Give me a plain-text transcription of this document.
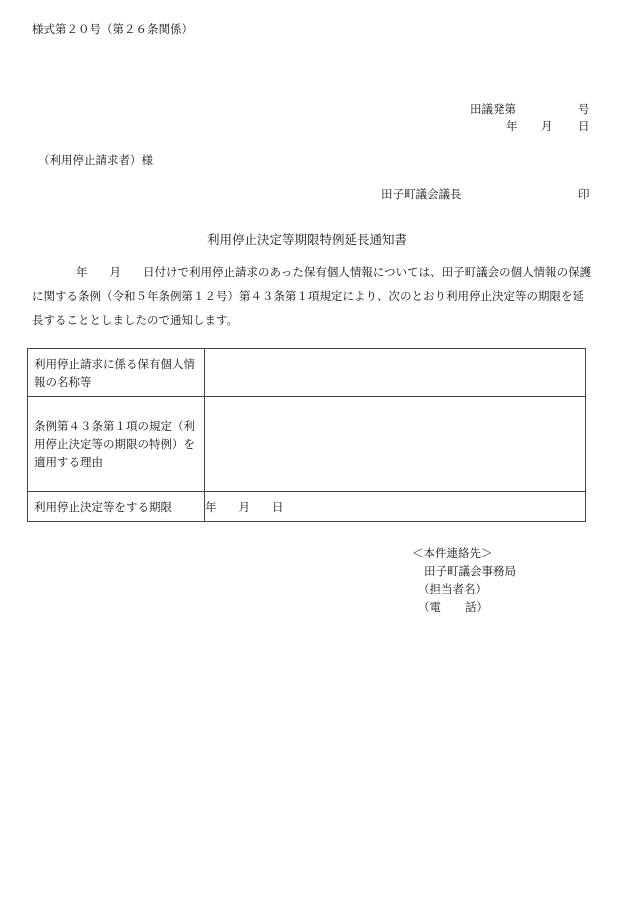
様式第２０号（第２６条関係）
田議発第	号
年 月 日
（利用停止請求者）様
田子町議会議長	印
利用停止決定等期限特例延長通知書
年 月 日付けで利用停止請求のあった保有個人情報については、田子町議会の個人情報の保護に関する条例（令和５年条例第１２号）第４３条第１項規定により、次のとおり利用停止決定等の期限を延長することとしましたので通知します。
利用停止請求に係る保有個人情報の名称等	
条例第４３条第１項の規定（利用停止決定等の期限の特例）を適用する理由	
利用停止決定等をする期限	年 月 日
＜本件連絡先＞
田子町議会事務局
（担当者名）
（電 話）
